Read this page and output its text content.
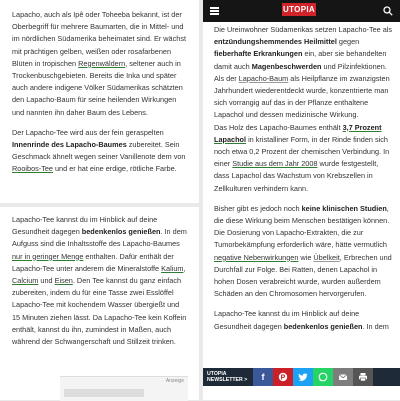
Lapacho, auch als Ipê oder Toheeba bekannt, ist der Oberbegriff für mehrere Baumarten, die in Mittel- und im nördlichen Südamerika beheimatet sind. Er wächst mit prächtigen gelben, weißen oder rosafarbenen Blüten in tropischen Regenwäldern, seltener auch in Trockenbuschgebieten. Bereits die Inka und später auch andere indigene Völker Südamerikas schätzten den Lapacho-Baum für seine heilenden Wirkungen und nannten ihn daher Baum des Lebens.

Der Lapacho-Tee wird aus der fein geraspelten Innenrinde des Lapacho-Baumes zubereitet. Sein Geschmack ähnelt wegen seiner Vanillenote dem von Rooibos-Tee und er hat eine erdige, rötliche Farbe.

Lapacho-Tee kannst du im Hinblick auf deine Gesundheit dagegen bedenkenlos genießen. In dem Aufguss sind die Inhaltsstoffe des Lapacho-Baumes nur in geringer Menge enthalten. Dafür enthält der Lapacho-Tee unter anderem die Mineralstoffe Kalium, Calcium und Eisen. Den Tee kannst du ganz einfach zubereiten, indem du für eine Tasse zwei Esslöffel Lapacho-Tee mit kochendem Wasser übergießt und 15 Minuten ziehen lässt. Da Lapacho-Tee kein Koffein enthält, kannst du ihn, zumindest in Maßen, auch während der Schwangerschaft und Stillzeit trinken.

Anzeige
UTOPIA

Die Ureinwohner Südamerikas setzen Lapacho-Tee als entzündungshemmendes Heilmittel gegen fieberhafte Erkrankungen ein, aber sie behandelten damit auch Magenbeschwerden und Pilzinfektionen. Als der Lapacho-Baum als Heilpflanze im zwanzigsten Jahrhundert wiederentdeckt wurde, konzentrierte man sich vorrangig auf das in der Pflanze enthaltene Lapachol und dessen medizinische Wirkung.

Das Holz des Lapacho-Baumes enthält 3,7 Prozent Lapachol in kristalliner Form, in der Rinde finden sich noch etwa 0,2 Prozent der chemischen Verbindung. In einer Studie aus dem Jahr 2008 wurde festgestellt, dass Lapachol das Wachstum von Krebszellen in Zellkulturen verhindern kann.

Bisher gibt es jedoch noch keine klinischen Studien, die diese Wirkung beim Menschen bestätigen können. Die Dosierung von Lapacho-Extrakten, die zur Tumorbekämpfung erforderlich wäre, hätte vermutlich negative Nebenwirkungen wie Übelkeit, Erbrechen und Durchfall zur Folge. Bei Ratten, denen Lapachol in hohen Dosen verabreicht wurde, wurden außerdem Schäden an den Chromosomen hervorgerufen.

Lapacho-Tee kannst du im Hinblick auf deine Gesundheit dagegen bedenkenlos genießen. In dem

UTOPIA
NEWSLETTER >	f P
